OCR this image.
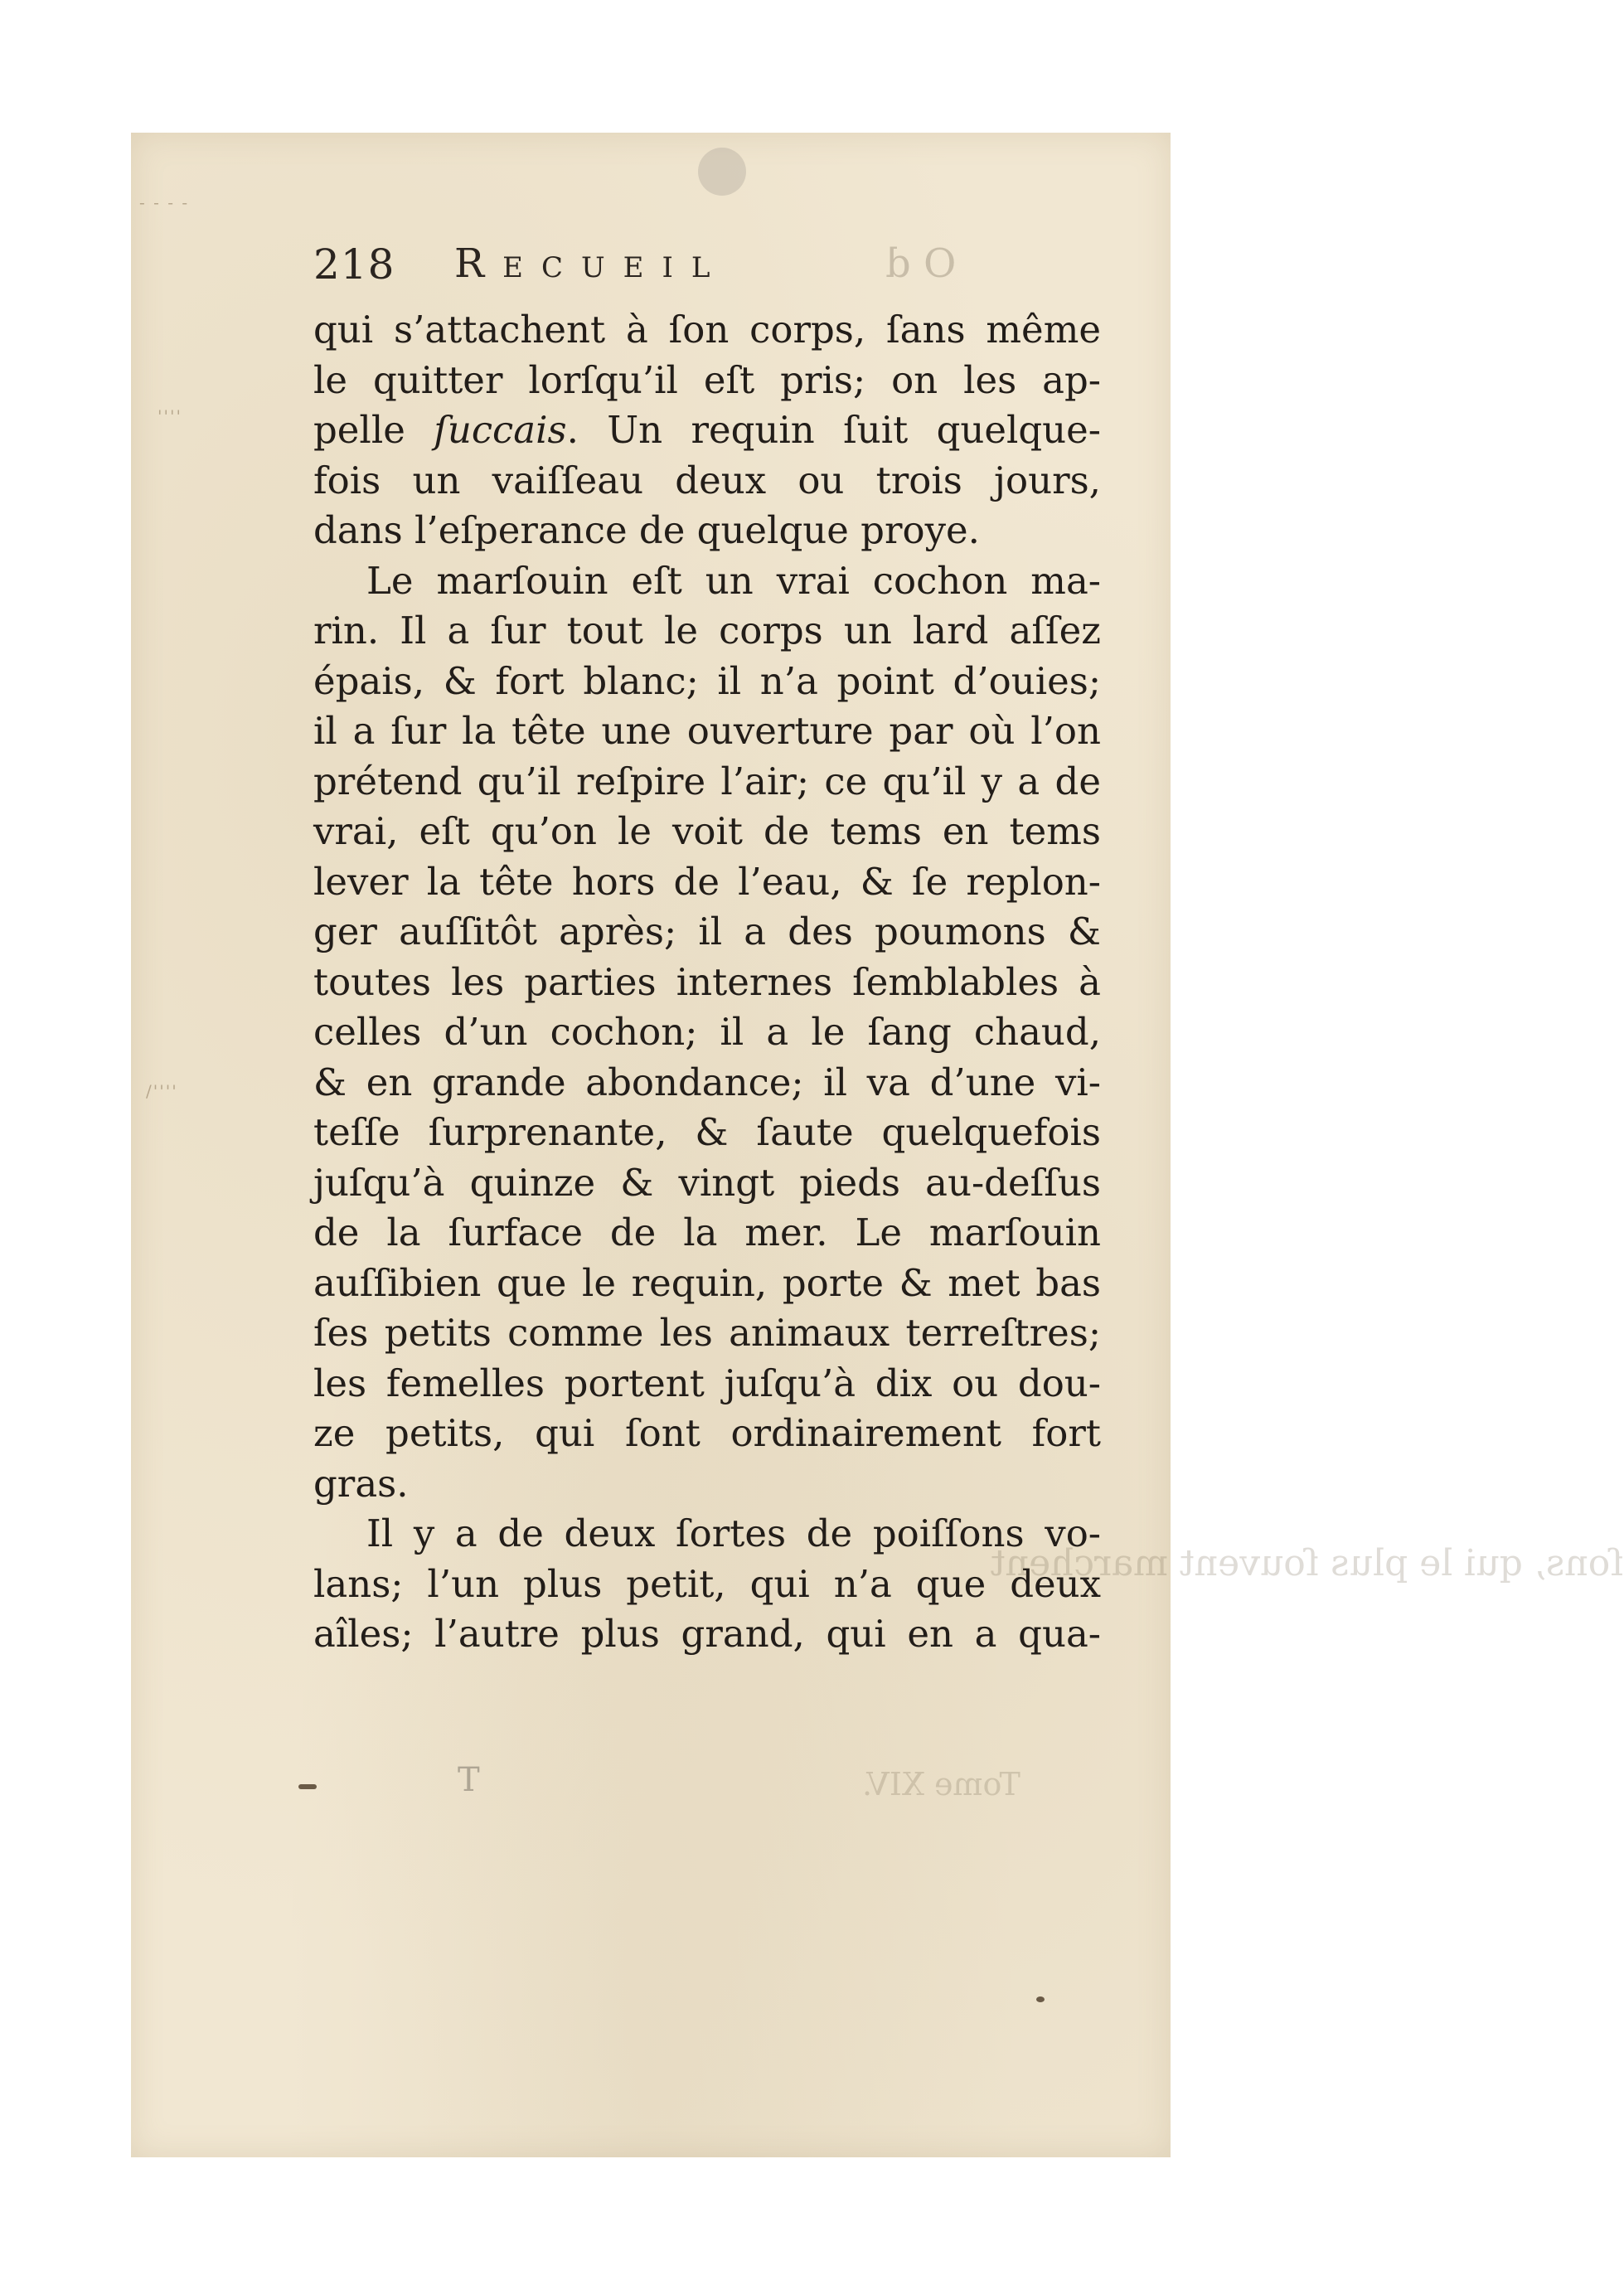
- - - -
''''
/''''
218 Recueil	O d
qui s’attachent à ſon corps, ſans même
le quitter lorſqu’il eſt pris; on les ap-
pelle ſuccais. Un requin ſuit quelque-
fois un vaiſſeau deux ou trois jours,
dans l’eſperance de quelque proye.
Le marſouin eſt un vrai cochon ma-
rin. Il a ſur tout le corps un lard aſſez
épais, & fort blanc; il n’a point d’ouies;
il a ſur la tête une ouverture par où l’on
prétend qu’il reſpire l’air; ce qu’il y a de
vrai, eſt qu’on le voit de tems en tems
lever la tête hors de l’eau, & ſe replon-
ger auſſitôt après; il a des poumons &
toutes les parties internes ſemblables à
celles d’un cochon; il a le ſang chaud,
& en grande abondance; il va d’une vi-
teſſe ſurprenante, & ſaute quelquefois
juſqu’à quinze & vingt pieds au-deſſus
de la ſurface de la mer. Le marſouin
auſſibien que le requin, porte & met bas
ſes petits comme les animaux terreſtres;
les femelles portent juſqu’à dix ou dou-
ze petits, qui ſont ordinairement fort
gras.
Il y a de deux ſortes de poiſſons vo-
lans; l’un plus petit, qui n’a que deux
aîles; l’autre plus grand, qui en a qua-
T
ſons, qui le plus ſouvent marchent
Tome XIV.
